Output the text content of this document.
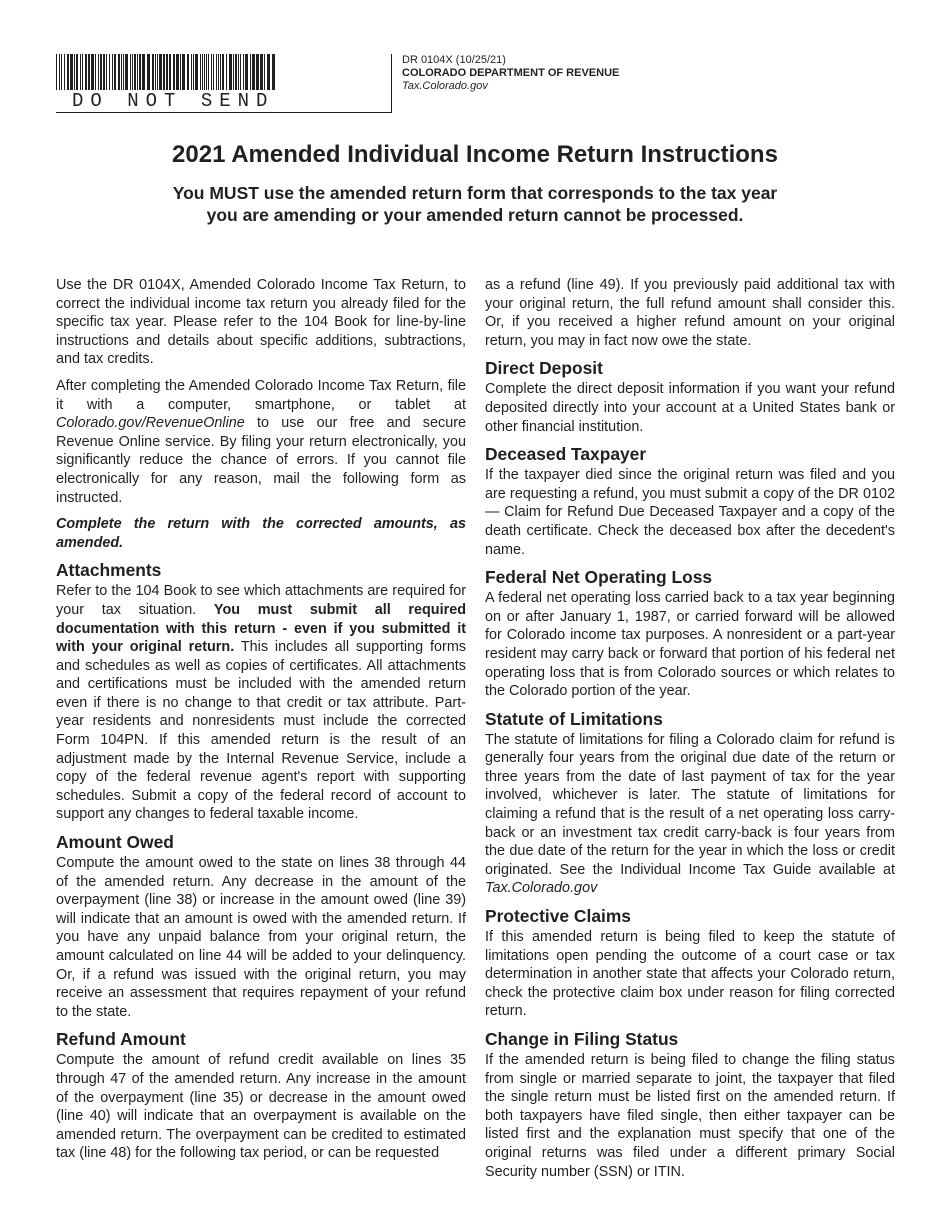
DO NOT SEND
DR 0104X (10/25/21)
COLORADO DEPARTMENT OF REVENUE
Tax.Colorado.gov
2021 Amended Individual Income Return Instructions
You MUST use the amended return form that corresponds to the tax year
you are amending or your amended return cannot be processed.

Use the DR 0104X, Amended Colorado Income Tax Return, to correct the individual income tax return you already filed for the specific tax year. Please refer to the 104 Book for line-by-line instructions and details about specific additions, subtractions, and tax credits.

After completing the Amended Colorado Income Tax Return, file it with a computer, smartphone, or tablet at Colorado.gov/RevenueOnline to use our free and secure Revenue Online service. By filing your return electronically, you significantly reduce the chance of errors. If you cannot file electronically for any reason, mail the following form as instructed.

Complete the return with the corrected amounts, as amended.

Attachments

Refer to the 104 Book to see which attachments are required for your tax situation. You must submit all required documentation with this return - even if you submitted it with your original return. This includes all supporting forms and schedules as well as copies of certificates. All attachments and certifications must be included with the amended return even if there is no change to that credit or tax attribute. Part-year residents and nonresidents must include the corrected Form 104PN. If this amended return is the result of an adjustment made by the Internal Revenue Service, include a copy of the federal revenue agent's report with supporting schedules. Submit a copy of the federal record of account to support any changes to federal taxable income.

Amount Owed

Compute the amount owed to the state on lines 38 through 44 of the amended return. Any decrease in the amount of the overpayment (line 38) or increase in the amount owed (line 39) will indicate that an amount is owed with the amended return. If you have any unpaid balance from your original return, the amount calculated on line 44 will be added to your delinquency. Or, if a refund was issued with the original return, you may receive an assessment that requires repayment of your refund to the state.

Refund Amount

Compute the amount of refund credit available on lines 35 through 47 of the amended return. Any increase in the amount of the overpayment (line 35) or decrease in the amount owed (line 40) will indicate that an overpayment is available on the amended return. The overpayment can be credited to estimated tax (line 48) for the following tax period, or can be requested

as a refund (line 49). If you previously paid additional tax with your original return, the full refund amount shall consider this. Or, if you received a higher refund amount on your original return, you may in fact now owe the state.

Direct Deposit

Complete the direct deposit information if you want your refund deposited directly into your account at a United States bank or other financial institution.

Deceased Taxpayer

If the taxpayer died since the original return was filed and you are requesting a refund, you must submit a copy of the DR 0102 — Claim for Refund Due Deceased Taxpayer and a copy of the death certificate. Check the deceased box after the decedent's name.

Federal Net Operating Loss

A federal net operating loss carried back to a tax year beginning on or after January 1, 1987, or carried forward will be allowed for Colorado income tax purposes. A nonresident or a part-year resident may carry back or forward that portion of his federal net operating loss that is from Colorado sources or which relates to the Colorado portion of the year.

Statute of Limitations

The statute of limitations for filing a Colorado claim for refund is generally four years from the original due date of the return or three years from the date of last payment of tax for the year involved, whichever is later. The statute of limitations for claiming a refund that is the result of a net operating loss carry-back or an investment tax credit carry-back is four years from the due date of the return for the year in which the loss or credit originated. See the Individual Income Tax Guide available at Tax.Colorado.gov

Protective Claims

If this amended return is being filed to keep the statute of limitations open pending the outcome of a court case or tax determination in another state that affects your Colorado return, check the protective claim box under reason for filing corrected return.

Change in Filing Status

If the amended return is being filed to change the filing status from single or married separate to joint, the taxpayer that filed the single return must be listed first on the amended return. If both taxpayers have filed single, then either taxpayer can be listed first and the explanation must specify that one of the original returns was filed under a different primary Social Security number (SSN) or ITIN.
